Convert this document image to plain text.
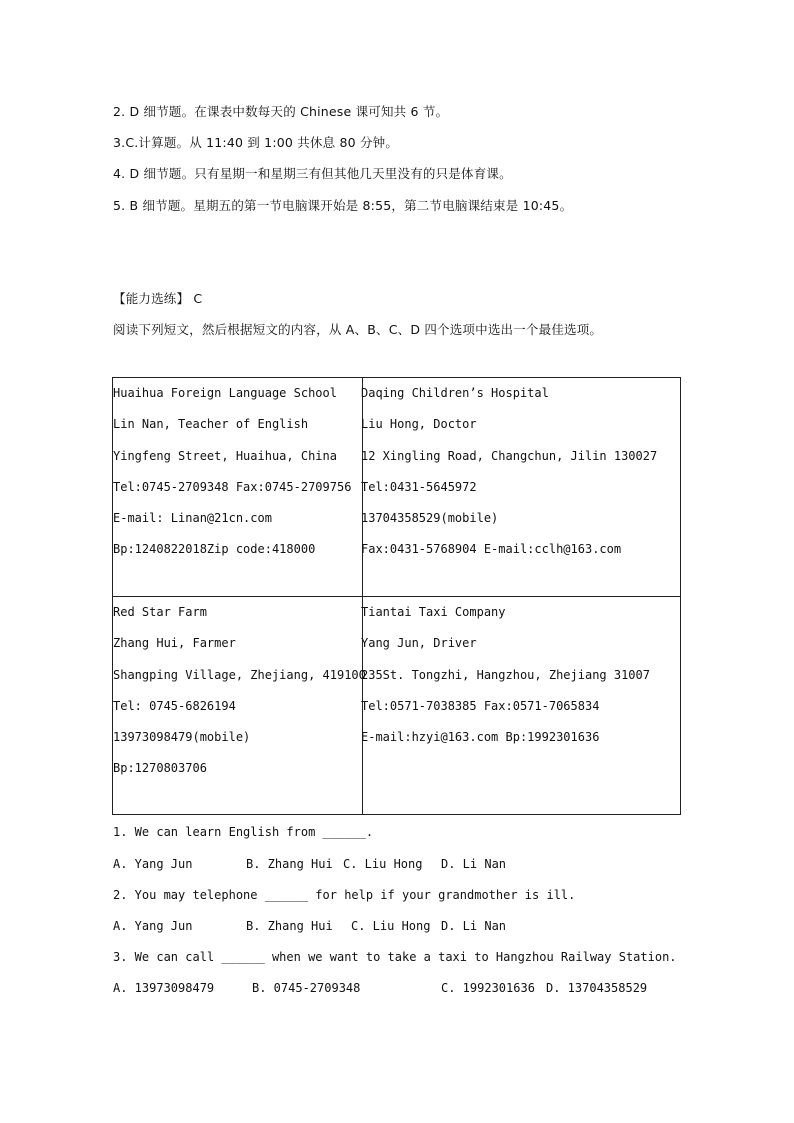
2. D 细节题。在课表中数每天的 Chinese 课可知共 6 节。
3.C.计算题。从 11:40 到 1:00 共休息 80 分钟。
4. D 细节题。只有星期一和星期三有但其他几天里没有的只是体育课。
5. B 细节题。星期五的第一节电脑课开始是 8:55，第二节电脑课结束是 10:45。
【能力选练】 C
阅读下列短文，然后根据短文的内容，从 A、B、C、D 四个选项中选出一个最佳选项。
Huaihua Foreign Language School
Lin Nan, Teacher of English
Yingfeng Street, Huaihua, China
Tel:0745-2709348 Fax:0745-2709756
E-mail: Linan@21cn.com
Bp:1240822018Zip code:418000
Daqing Children’s Hospital
Liu Hong, Doctor
12 Xingling Road, Changchun, Jilin 130027
Tel:0431-5645972
13704358529(mobile)
Fax:0431-5768904 E-mail:cclh@163.com
Red Star Farm
Zhang Hui, Farmer
Shangping Village, Zhejiang, 419100
Tel: 0745-6826194
13973098479(mobile)
Bp:1270803706
Tiantai Taxi Company
Yang Jun, Driver
235St. Tongzhi, Hangzhou, Zhejiang 31007
Tel:0571-7038385 Fax:0571-7065834
E-mail:hzyi@163.com Bp:1992301636
1. We can learn English from ______.
A. Yang Jun	B. Zhang Hui C. Liu Hong D. Li Nan
2. You may telephone ______ for help if your grandmother is ill.
A. Yang Jun	B. Zhang Hui C. Liu Hong D. Li Nan
3. We can call ______ when we want to take a taxi to Hangzhou Railway Station.
A. 13973098479	B. 0745-2709348	C. 1992301636 D. 13704358529
